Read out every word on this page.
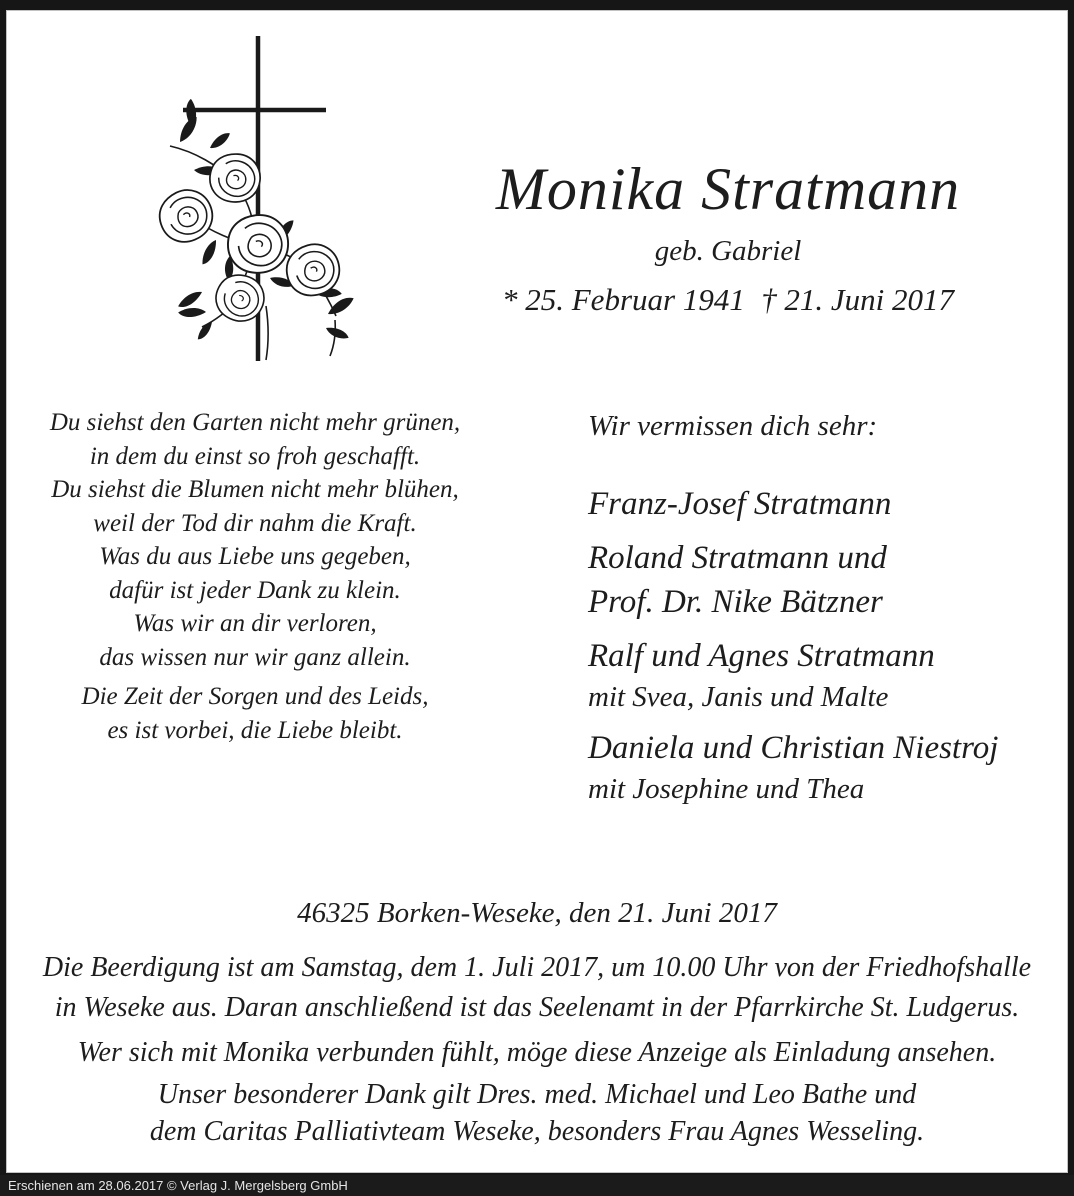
Monika Stratmann

geb. Gabriel

* 25. Februar 1941 † 21. Juni 2017

Du siehst den Garten nicht mehr grünen,

in dem du einst so froh geschafft.

Du siehst die Blumen nicht mehr blühen,

weil der Tod dir nahm die Kraft.

Was du aus Liebe uns gegeben,

dafür ist jeder Dank zu klein.

Was wir an dir verloren,

das wissen nur wir ganz allein.

Die Zeit der Sorgen und des Leids,

es ist vorbei, die Liebe bleibt.

Wir vermissen dich sehr:

Franz-Josef Stratmann

Roland Stratmann und

Prof. Dr. Nike Bätzner

Ralf und Agnes Stratmann

mit Svea, Janis und Malte

Daniela und Christian Niestroj

mit Josephine und Thea

46325 Borken-Weseke, den 21. Juni 2017

Die Beerdigung ist am Samstag, dem 1. Juli 2017, um 10.00 Uhr von der Friedhofshalle

in Weseke aus. Daran anschließend ist das Seelenamt in der Pfarrkirche St. Ludgerus.

Wer sich mit Monika verbunden fühlt, möge diese Anzeige als Einladung ansehen.

Unser besonderer Dank gilt Dres. med. Michael und Leo Bathe und

dem Caritas Palliativteam Weseke, besonders Frau Agnes Wesseling.

Erschienen am 28.06.2017 © Verlag J. Mergelsberg GmbH
